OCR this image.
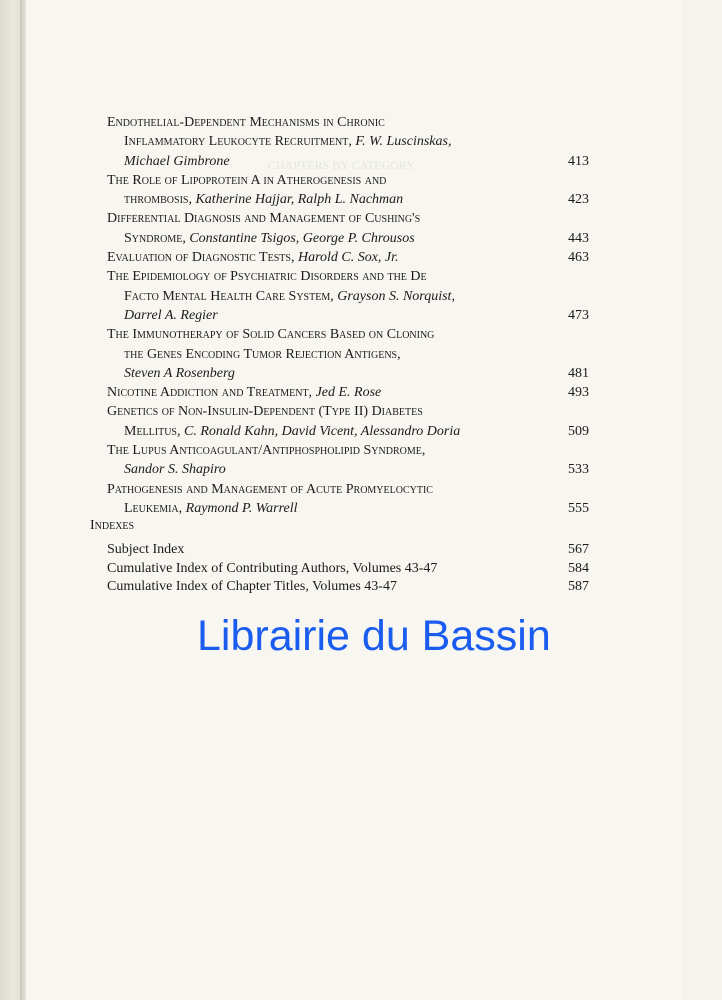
CHAPTERS BY CATEGORY
Endothelial-Dependent Mechanisms in Chronic
Inflammatory Leukocyte Recruitment, F. W. Luscinskas,
Michael Gimbrone	413
The Role of Lipoprotein A in Atherogenesis and
thrombosis, Katherine Hajjar, Ralph L. Nachman	423
Differential Diagnosis and Management of Cushing's
Syndrome, Constantine Tsigos, George P. Chrousos	443
Evaluation of Diagnostic Tests, Harold C. Sox, Jr.	463
The Epidemiology of Psychiatric Disorders and the De
Facto Mental Health Care System, Grayson S. Norquist,
Darrel A. Regier	473
The Immunotherapy of Solid Cancers Based on Cloning
the Genes Encoding Tumor Rejection Antigens,
Steven A Rosenberg	481
Nicotine Addiction and Treatment, Jed E. Rose	493
Genetics of Non-Insulin-Dependent (Type II) Diabetes
Mellitus, C. Ronald Kahn, David Vicent, Alessandro Doria	509
The Lupus Anticoagulant/Antiphospholipid Syndrome,
Sandor S. Shapiro	533
Pathogenesis and Management of Acute Promyelocytic
Leukemia, Raymond P. Warrell	555
Indexes
Subject Index	567
Cumulative Index of Contributing Authors, Volumes 43-47	584
Cumulative Index of Chapter Titles, Volumes 43-47	587
Librairie du Bassin
